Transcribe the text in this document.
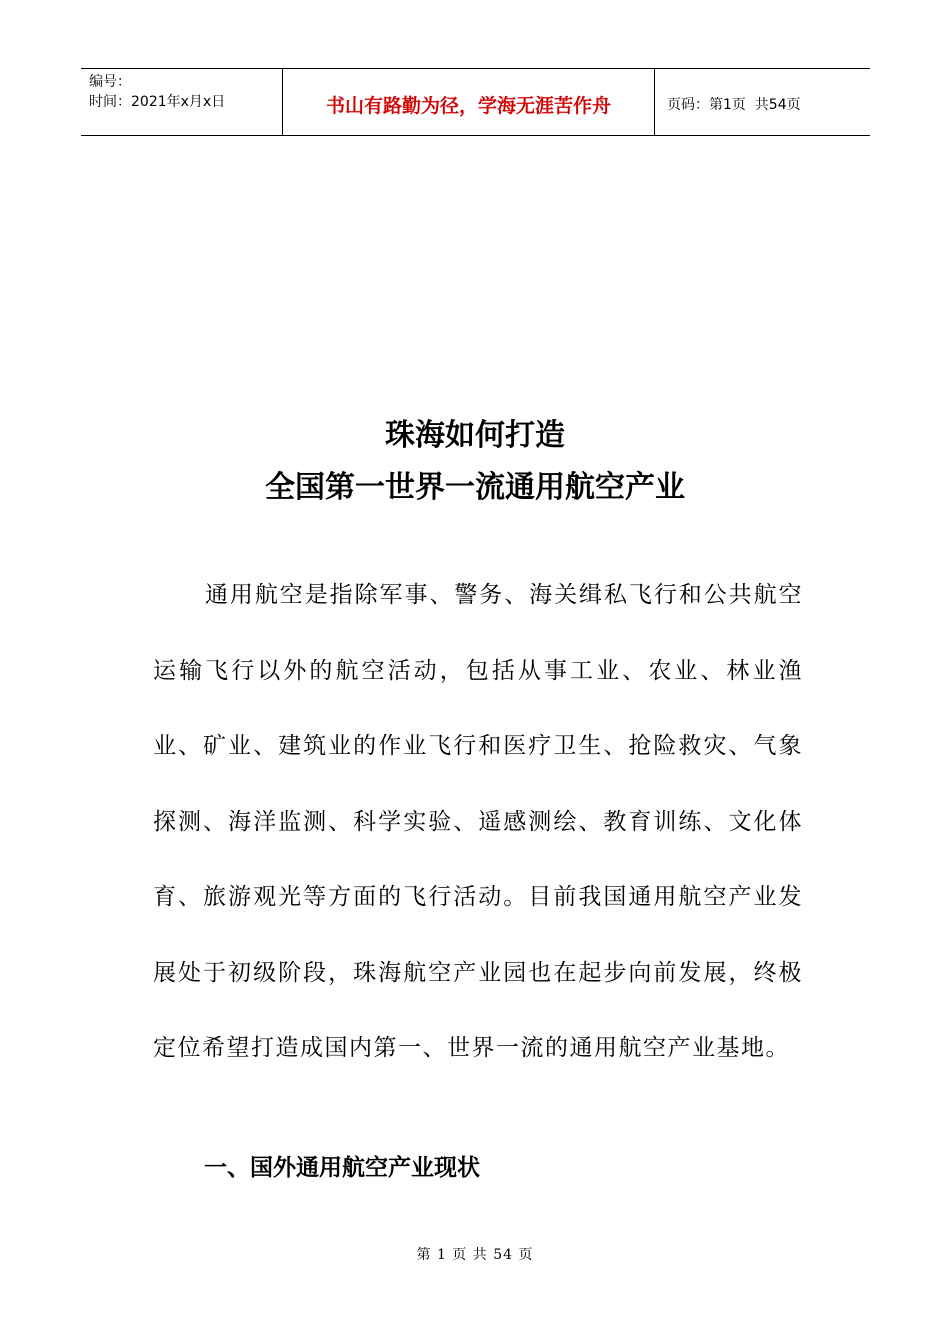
编号：
时间：2021年x月x日	书山有路勤为径，学海无涯苦作舟	页码：第1页  共54页
珠海如何打造
全国第一世界一流通用航空产业

通用航空是指除军事、警务、海关缉私飞行和公共航空运输飞行以外的航空活动，包括从事工业、农业、林业渔业、矿业、建筑业的作业飞行和医疗卫生、抢险救灾、气象探测、海洋监测、科学实验、遥感测绘、教育训练、文化体育、旅游观光等方面的飞行活动。目前我国通用航空产业发展处于初级阶段，珠海航空产业园也在起步向前发展，终极定位希望打造成国内第一、世界一流的通用航空产业基地。

一、国外通用航空产业现状

第 1 页 共 54 页
